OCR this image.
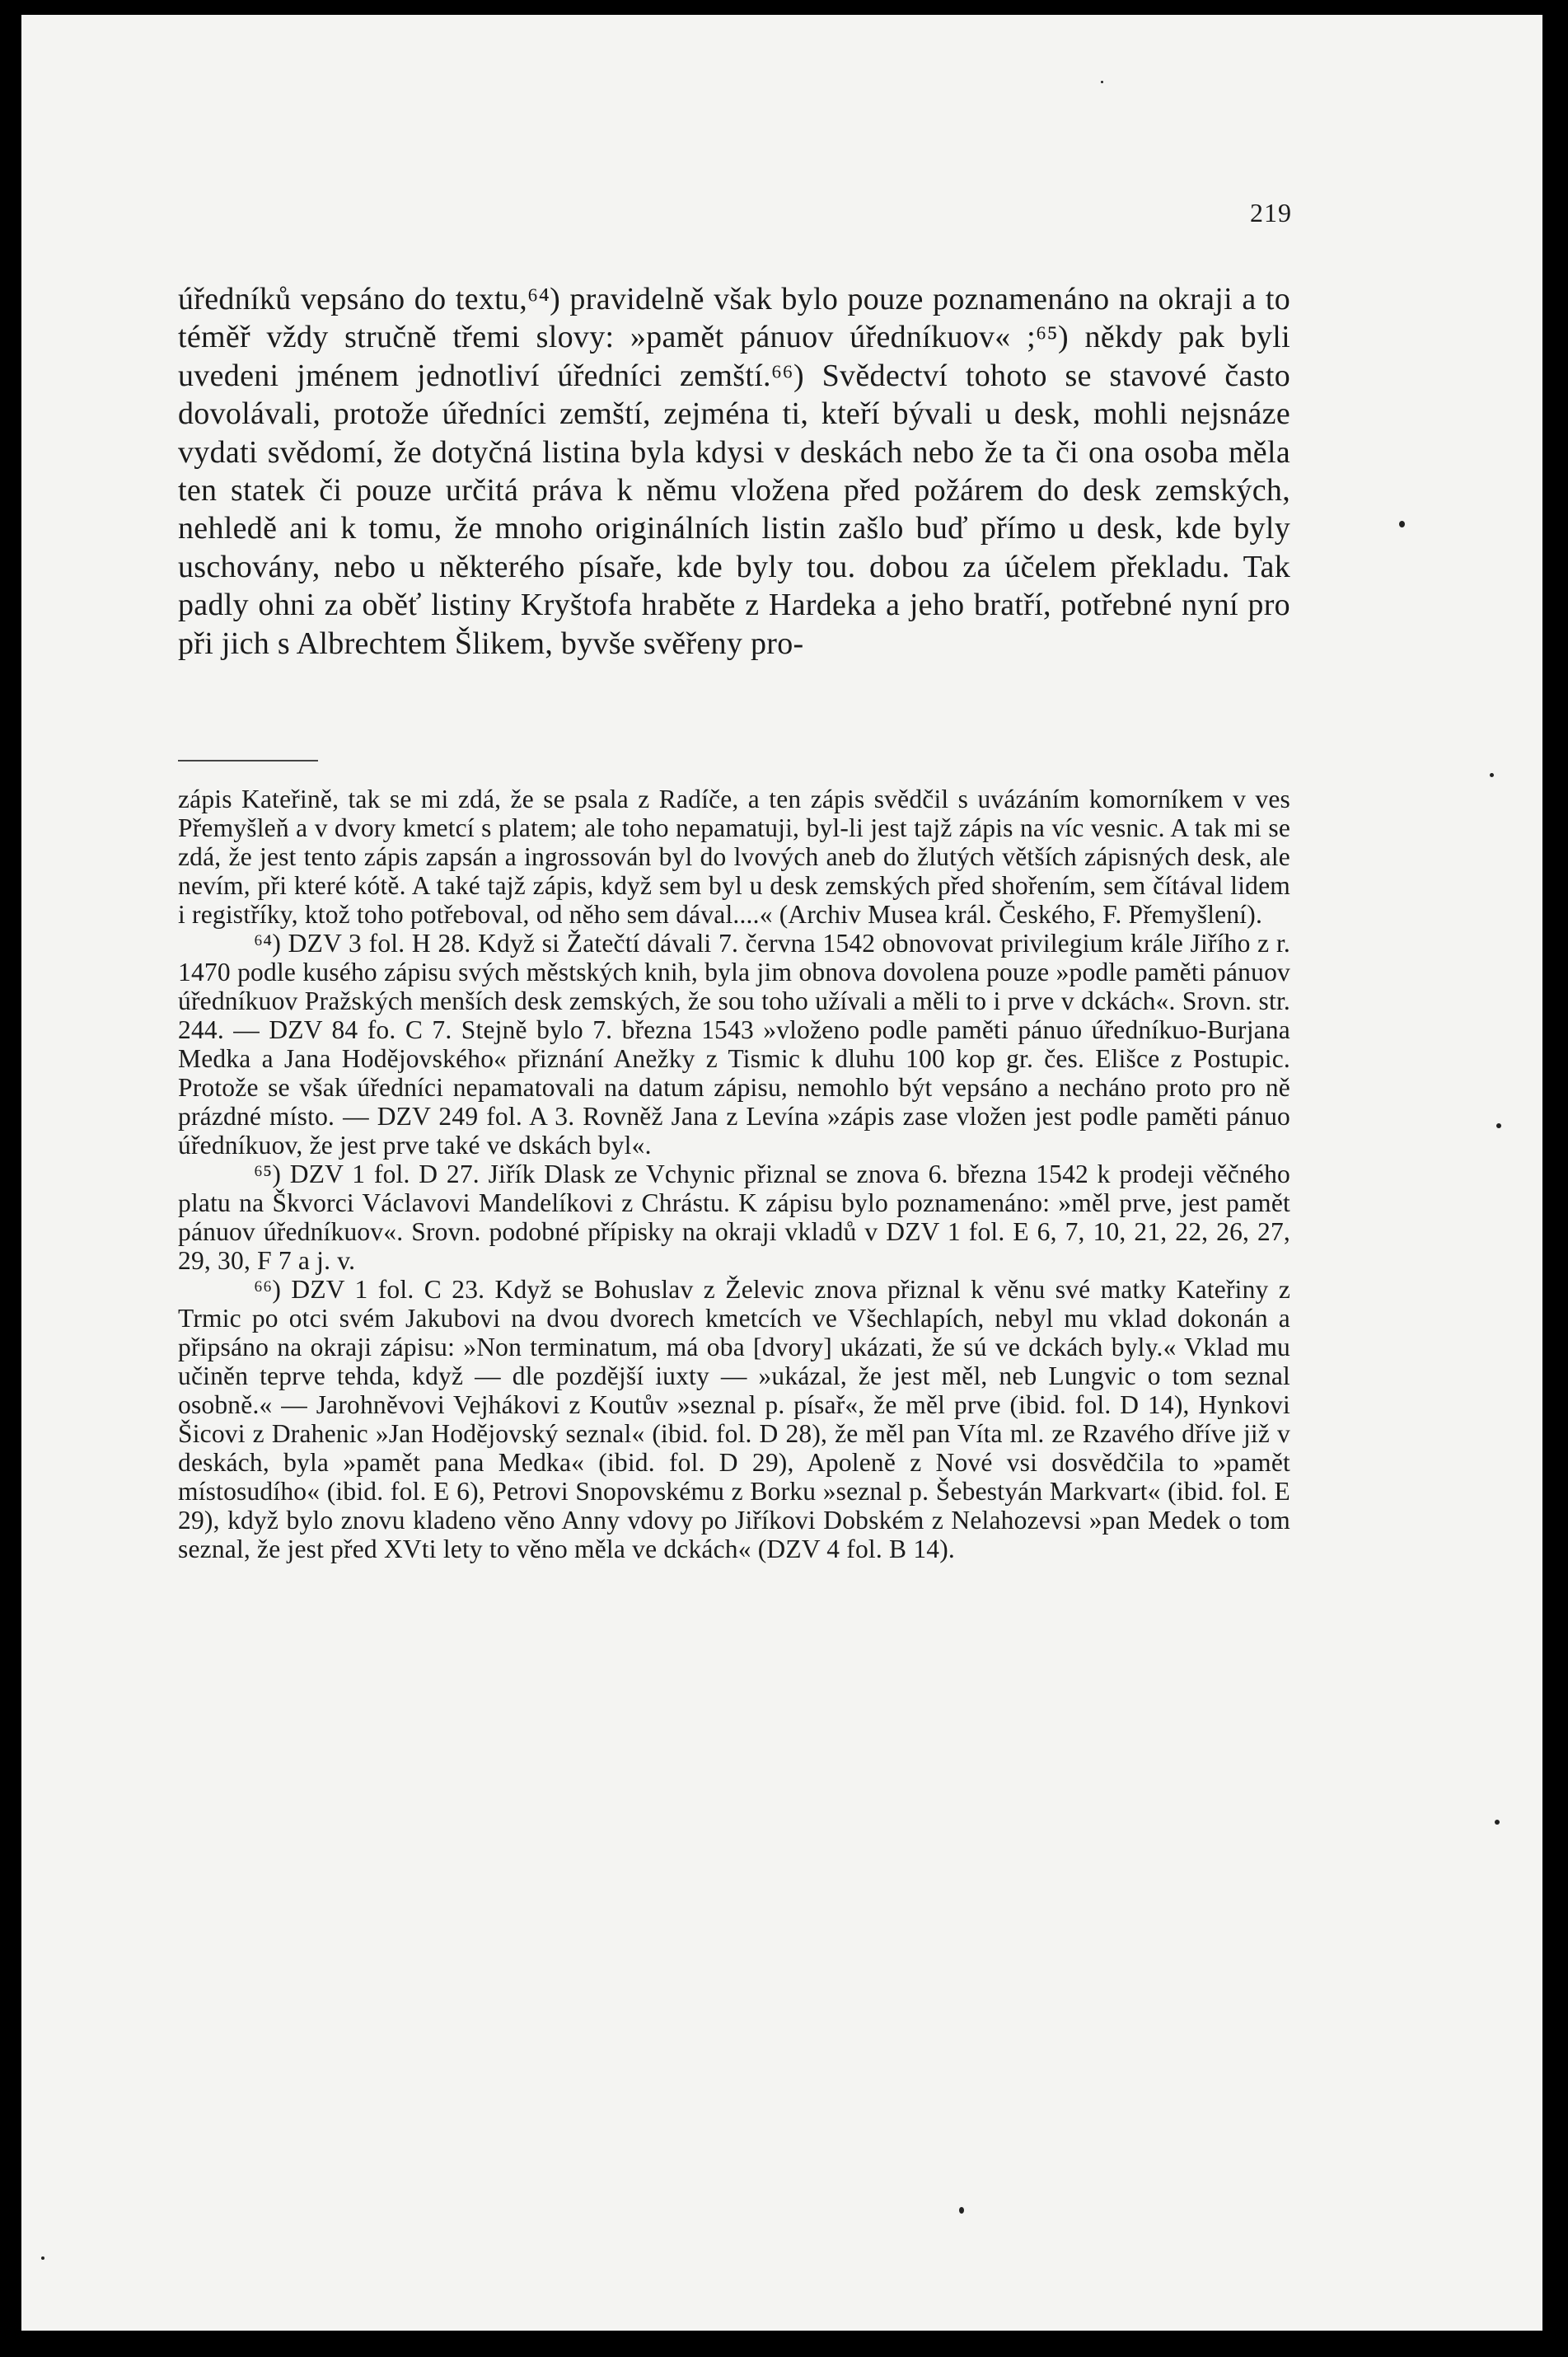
219

úředníků vepsáno do textu,⁶⁴) pravidelně však bylo pouze poznamenáno na okraji a to téměř vždy stručně třemi slovy: »pamět pánuov úředníkuov« ;⁶⁵) někdy pak byli uvedeni jménem jednotliví úředníci zemští.⁶⁶) Svědectví tohoto se stavové často dovolávali, protože úředníci zemští, zejména ti, kteří bývali u desk, mohli nejsnáze vydati svědomí, že dotyčná listina byla kdysi v deskách nebo že ta či ona osoba měla ten statek či pouze určitá práva k němu vloženа před požárem do desk zemských, nehledě ani k tomu, že mnoho originálních listin zašlo buď přímo u desk, kde byly uschovány, nebo u některého písaře, kde byly tou. dobou za účelem překladu. Tak padly ohni za oběť listiny Kryštofa hraběte z Hardeka a jeho bratří, potřebné nyní pro při jich s Albrechtem Šlikem, byvše svěřeny pro-

zápis Kateřině, tak se mi zdá, že se psala z Radíče, a ten zápis svědčil s uvázáním komorníkem v ves Přemyšleň a v dvory kmetcí s platem; ale toho nepamatuji, byl-li jest tajž zápis na víc vesnic. A tak mi se zdá, že jest tento zápis zapsán a ingrossován byl do lvových aneb do žlutých větších zápisných desk, ale nevím, při které kótě. A také tajž zápis, když sem byl u desk zemských před shořením, sem čítával lidem i registříky, ktož toho potřeboval, od něho sem dával....« (Archiv Musea král. Českého, F. Přemyšlení).

⁶⁴) DZV 3 fol. H 28. Když si Žatečtí dávali 7. června 1542 obnovovat privilegium krále Jiřího z r. 1470 podle kusého zápisu svých městských knih, byla jim obnova dovolena pouze »podle paměti pánuov úředníkuov Pražských menších desk zemských, že sou toho užívali a měli to i prve v dckách«. Srovn. str. 244. — DZV 84 fo. C 7. Stejně bylo 7. března 1543 »vloženo podle paměti pánuo úředníkuo-Burjana Medka a Jana Hodějovského« přiznání Anežky z Tismic k dluhu 100 kop gr. čes. Elišce z Postupic. Protože se však úředníci nepamatovali na datum zápisu, nemohlo být vepsáno a necháno proto pro ně prázdné místo. — DZV 249 fol. A 3. Rovněž Jana z Levína »zápis zase vložen jest podle paměti pánuo úředníkuov, že jest prve také ve dskách byl«.

⁶⁵) DZV 1 fol. D 27. Jiřík Dlask ze Vchynic přiznal se znova 6. března 1542 k prodeji věčného platu na Škvorci Václavovi Mandelíkovi z Chrástu. K zápisu bylo poznamenáno: »měl prve, jest pamět pánuov úředníkuov«. Srovn. podobné přípisky na okraji vkladů v DZV 1 fol. E 6, 7, 10, 21, 22, 26, 27, 29, 30, F 7 a j. v.

⁶⁶) DZV 1 fol. C 23. Když se Bohuslav z Želevic znova přiznal k věnu své matky Kateřiny z Trmic po otci svém Jakubovi na dvou dvorech kmetcích ve Všechlapích, nebyl mu vklad dokonán a připsáno na okraji zápisu: »Non terminatum, má oba [dvory] ukázati, že sú ve dckách byly.« Vklad mu učiněn teprve tehda, když — dle pozdější iuxty — »ukázal, že jest měl, neb Lungvic o tom seznal osobně.« — Jarohněvovi Vejhákovi z Koutův »seznal p. písař«, že měl prve (ibid. fol. D 14), Hynkovi Šicovi z Drahenic »Jan Hodějovský seznal« (ibid. fol. D 28), že měl pan Víta ml. ze Rzavého dříve již v deskách, byla »pamět pana Medka« (ibid. fol. D 29), Apoleně z Nové vsi dosvědčila to »pamět místosudího« (ibid. fol. E 6), Petrovi Snopovskému z Borku »seznal p. Šebestyán Markvart« (ibid. fol. E 29), když bylo znovu kladeno věno Anny vdovy po Jiříkovi Dobském z Nelahozevsi »pan Medek o tom seznal, že jest před XVti lety to věno měla ve dckách« (DZV 4 fol. B 14).
